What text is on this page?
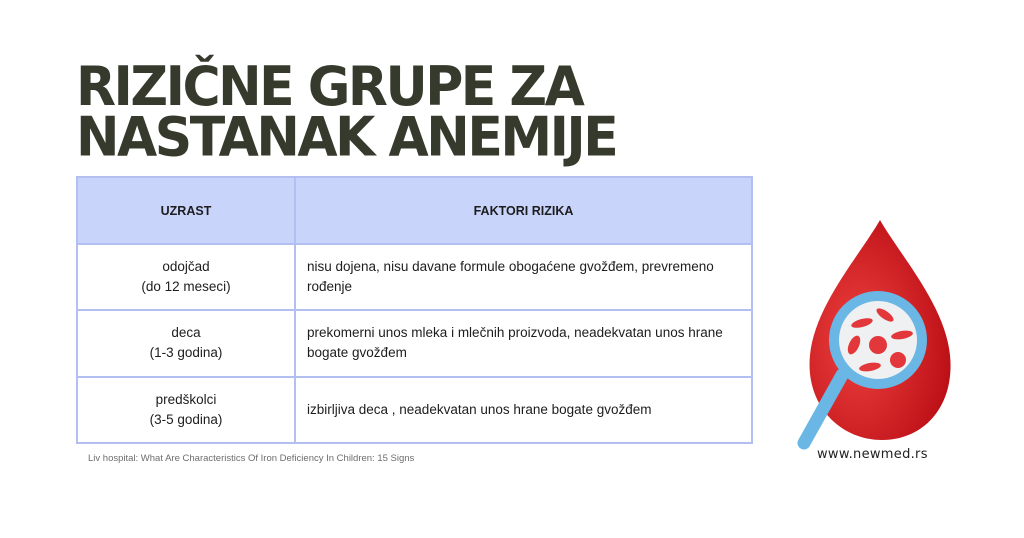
RIZIČNE GRUPE ZA
NASTANAK ANEMIJE
UZRAST	FAKTORI RIZIKA
odojčad
(do 12 meseci)	nisu dojena, nisu davane formule obogaćene gvožđem, prevremeno rođenje
deca
(1-3 godina)	prekomerni unos mleka i mlečnih proizvoda, neadekvatan unos hrane bogate gvožđem
predškolci
(3-5 godina)	izbirljiva deca , neadekvatan unos hrane bogate gvožđem
Liv hospital: What Are Characteristics Of Iron Deficiency In Children: 15 Signs	www.newmed.rs
